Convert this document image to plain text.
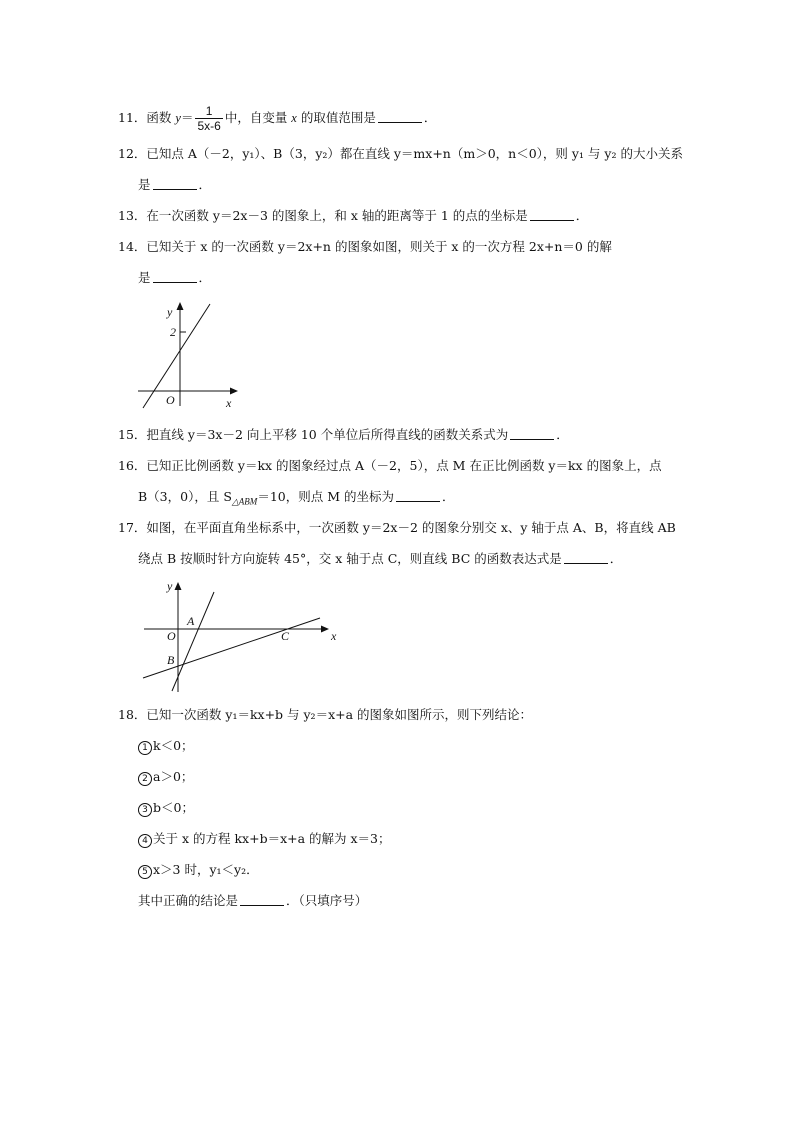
11．函数 $y= \frac{1}{5x-6}$ 中，自变量 x 的取值范围是	．
12．已知点 A（－2，y₁）、B（3，y₂）都在直线 y＝mx+n（m＞0，n＜0），则 y₁ 与 y₂ 的大小关系
是	．
13．在一次函数 y＝2x－3 的图象上，和 x 轴的距离等于 1 的点的坐标是	．
14．已知关于 x 的一次函数 y＝2x+n 的图象如图，则关于 x 的一次方程 2x+n＝0 的解
是	．
y
2
O	x
15．把直线 y＝3x－2 向上平移 10 个单位后所得直线的函数关系式为	．
16．已知正比例函数 y＝kx 的图象经过点 A（－2，5），点 M 在正比例函数 y＝kx 的图象上，点
B（3，0），且 $S_{\triangle ABM}=10$，则点 M 的坐标为	．
17．如图，在平面直角坐标系中，一次函数 y＝2x－2 的图象分别交 x、y 轴于点 A、B，将直线 AB
绕点 B 按顺时针方向旋转 45°，交 x 轴于点 C，则直线 BC 的函数表达式是	．
y
O
A
B
C	x
18．已知一次函数 y₁＝kx+b 与 y₂＝x+a 的图象如图所示，则下列结论：
1 k＜0；
2 a＞0；
3 b＜0；
4 关于 x 的方程 kx+b＝x+a 的解为 x＝3；
5 x＞3 时，y₁＜y₂．
其中正确的结论是	．（只填序号）
